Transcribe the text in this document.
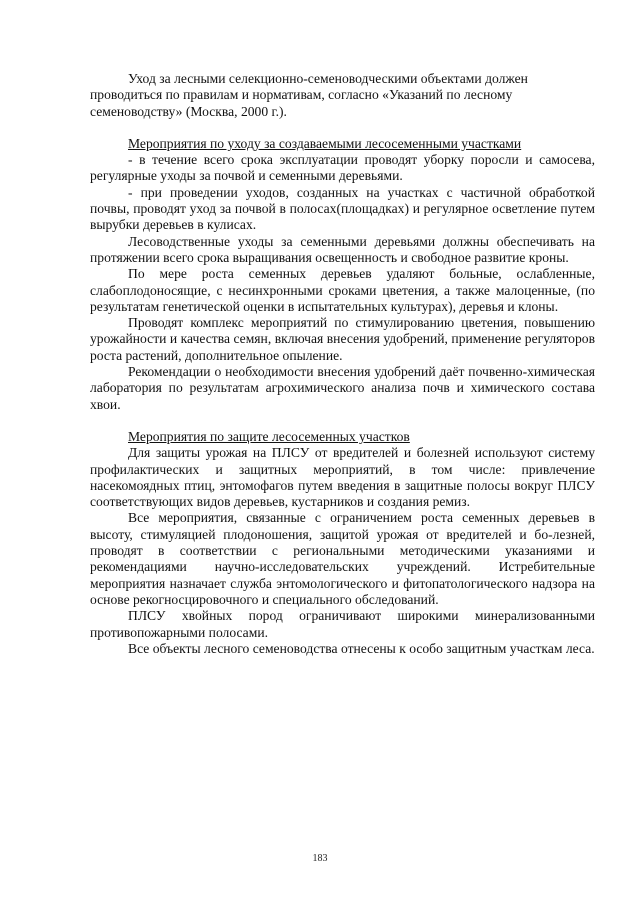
Уход за лесными селекционно-семеноводческими объектами должен проводиться по правилам и нормативам, согласно «Указаний по лесному семеноводству» (Москва, 2000 г.).

Мероприятия по уходу за создаваемыми лесосеменными участками

- в течение всего срока эксплуатации проводят уборку поросли и самосева, регулярные уходы за почвой и семенными деревьями.

- при проведении уходов, созданных на участках с частичной обработкой почвы, проводят уход за почвой в полосах(площадках) и регулярное осветление путем вырубки деревьев в кулисах.

Лесоводственные уходы за семенными деревьями должны обеспечивать на протяжении всего срока выращивания освещенность и свободное развитие кроны.

По мере роста семенных деревьев удаляют больные, ослабленные, слабоплодоносящие, с несинхронными сроками цветения, а также малоценные, (по результатам генетической оценки в испытательных культурах), деревья и клоны.

Проводят комплекс мероприятий по стимулированию цветения, повышению урожайности и качества семян, включая внесения удобрений, применение регуляторов роста растений, дополнительное опыление.

Рекомендации о необходимости внесения удобрений даёт почвенно-химическая лаборатория по результатам агрохимического анализа почв и химического состава хвои.

Мероприятия по защите лесосеменных участков

Для защиты урожая на ПЛСУ от вредителей и болезней используют систему профилактических и защитных мероприятий, в том числе: привлечение насекомоядных птиц, энтомофагов путем введения в защитные полосы вокруг ПЛСУ соответствующих видов деревьев, кустарников и создания ремиз.

Все мероприятия, связанные с ограничением роста семенных деревьев в высоту, стимуляцией плодоношения, защитой урожая от вредителей и бо-лезней, проводят в соответствии с региональными методическими указаниями и рекомендациями научно-исследовательских учреждений. Истребительные мероприятия назначает служба энтомологического и фитопатологического надзора на основе рекогносцировочного и специального обследований.

ПЛСУ хвойных пород ограничивают широкими минерализованными противопожарными полосами.

Все объекты лесного семеноводства отнесены к особо защитным участкам леса.

183
